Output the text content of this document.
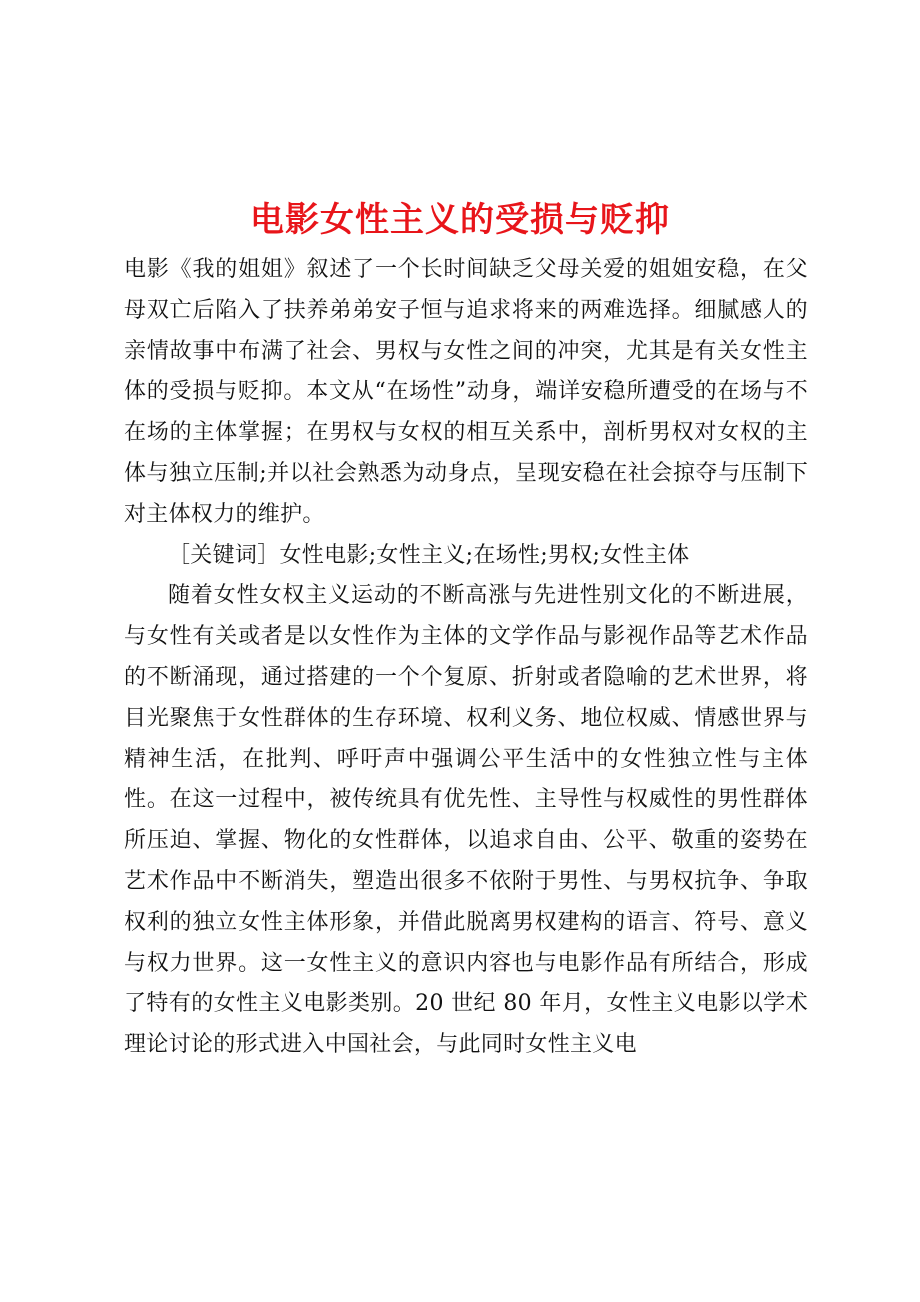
电影女性主义的受损与贬抑

电影《我的姐姐》叙述了一个长时间缺乏父母关爱的姐姐安稳，在父母双亡后陷入了扶养弟弟安子恒与追求将来的两难选择。细腻感人的亲情故事中布满了社会、男权与女性之间的冲突，尤其是有关女性主体的受损与贬抑。本文从“在场性”动身，端详安稳所遭受的在场与不在场的主体掌握；在男权与女权的相互关系中，剖析男权对女权的主体与独立压制;并以社会熟悉为动身点，呈现安稳在社会掠夺与压制下对主体权力的维护。

［关键词］女性电影;女性主义;在场性;男权;女性主体

随着女性女权主义运动的不断高涨与先进性别文化的不断进展，与女性有关或者是以女性作为主体的文学作品与影视作品等艺术作品的不断涌现，通过搭建的一个个复原、折射或者隐喻的艺术世界，将目光聚焦于女性群体的生存环境、权利义务、地位权威、情感世界与精神生活，在批判、呼吁声中强调公平生活中的女性独立性与主体性。在这一过程中，被传统具有优先性、主导性与权威性的男性群体所压迫、掌握、物化的女性群体，以追求自由、公平、敬重的姿势在艺术作品中不断消失，塑造出很多不依附于男性、与男权抗争、争取权利的独立女性主体形象，并借此脱离男权建构的语言、符号、意义与权力世界。这一女性主义的意识内容也与电影作品有所结合，形成了特有的女性主义电影类别。20 世纪 80 年月，女性主义电影以学术理论讨论的形式进入中国社会，与此同时女性主义电
